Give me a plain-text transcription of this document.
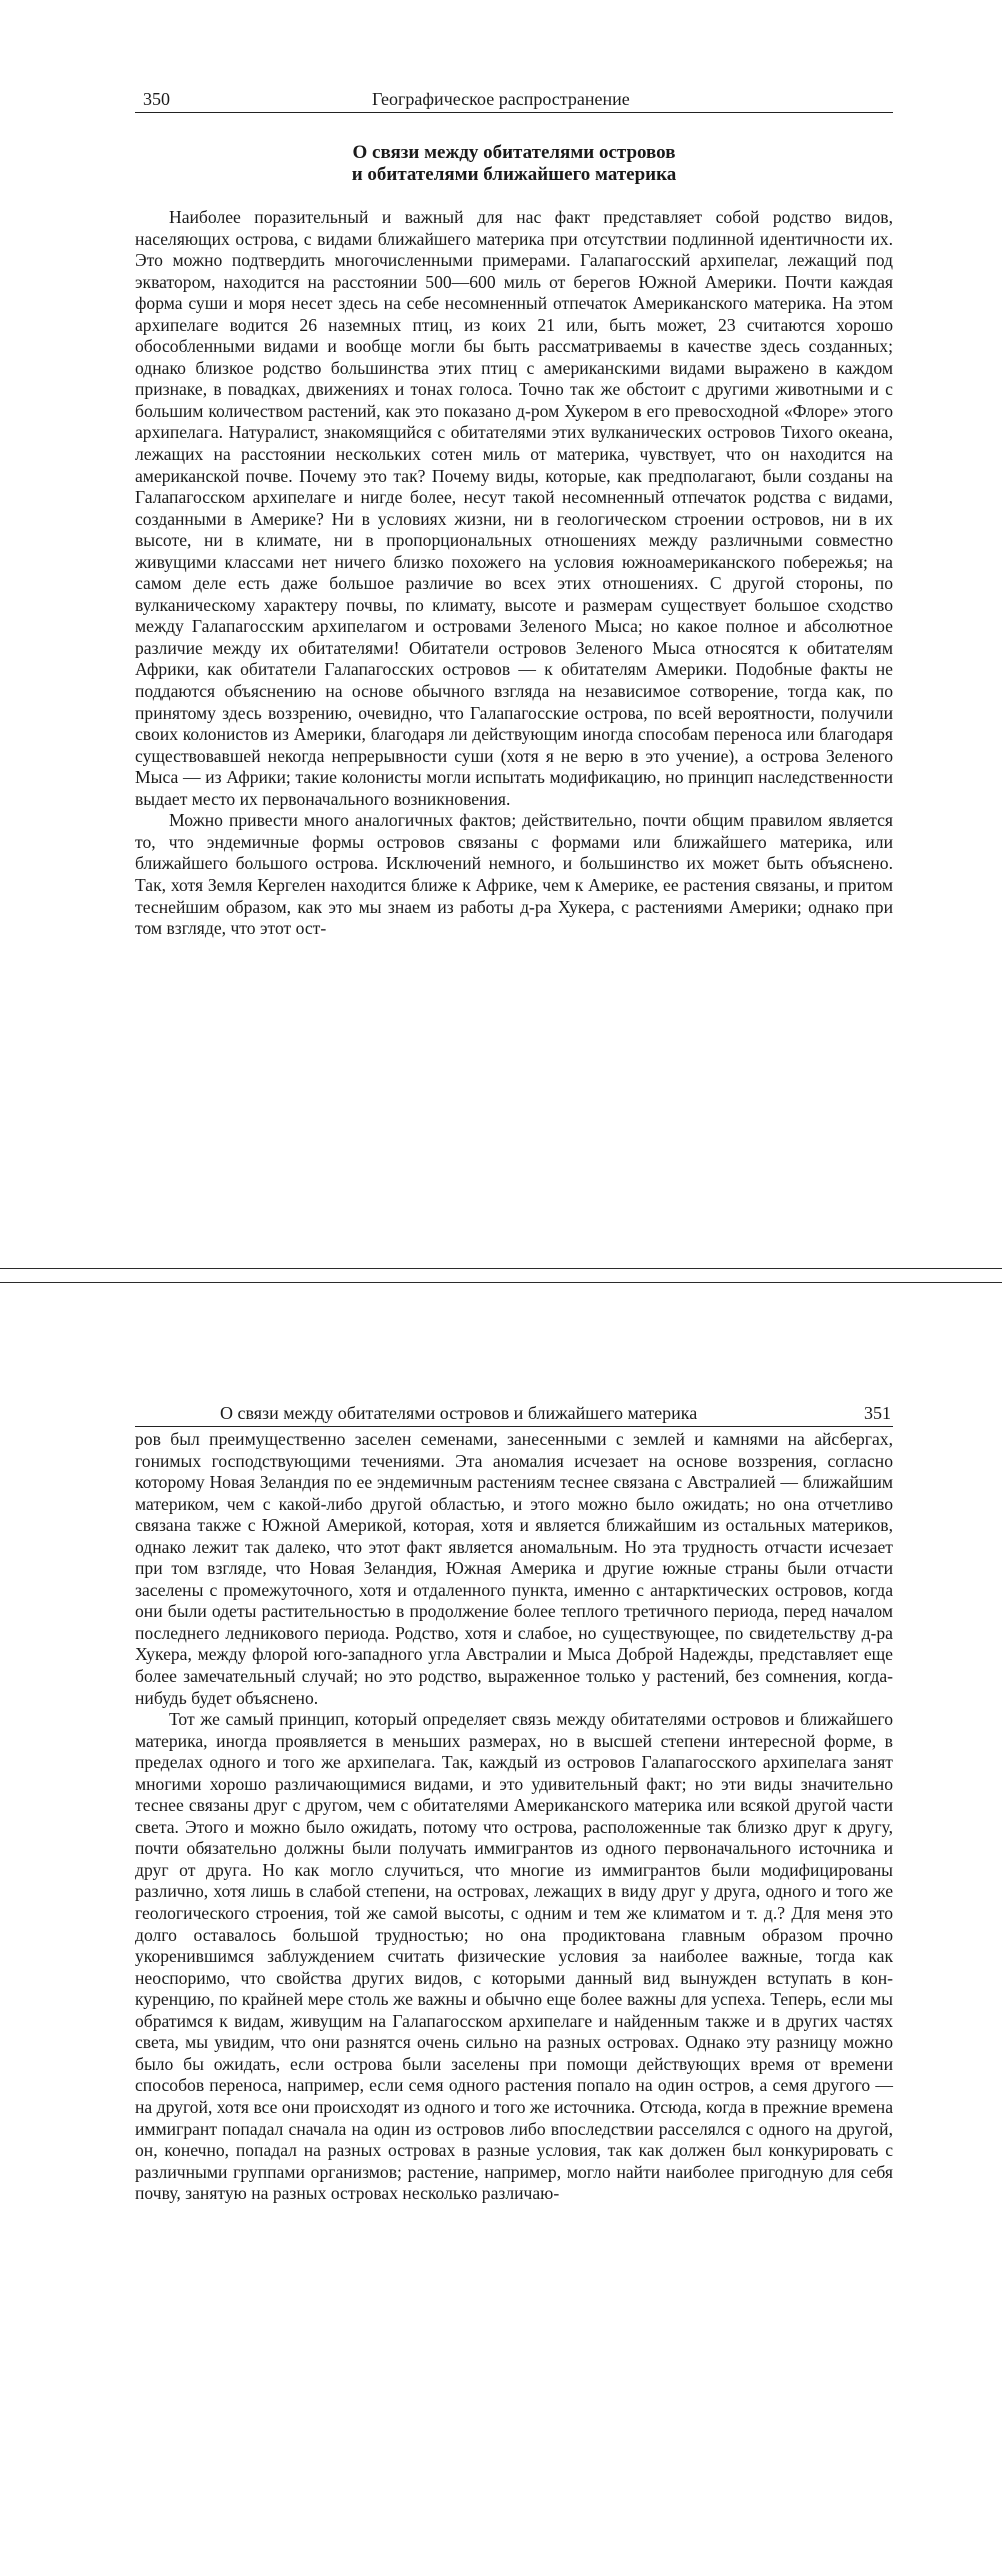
350	Географическое распространение
О связи между обитателями островов
и обитателями ближайшего материка

Наиболее поразительный и важный для нас факт представляет собой родство видов, населяющих острова, с видами ближайшего материка при отсутствии подлинной идентичности их. Это можно подтвердить многочисленными примерами. Галапагосский архипелаг, лежащий под экватором, находится на расстоянии 500—600 миль от берегов Южной Америки. Почти каждая форма суши и моря несет здесь на себе несомненный отпечаток Американского материка. На этом архипелаге водится 26 наземных птиц, из коих 21 или, быть может, 23 считаются хорошо обособленными видами и вообще могли бы быть рассматриваемы в качестве здесь созданных; однако близкое родство большинства этих птиц с американскими видами выражено в каждом признаке, в повадках, движениях и тонах голоса. Точно так же обстоит с другими животными и с большим количеством растений, как это показано д-ром Хукером в его превосходной «Флоре» этого архипелага. Натуралист, знакомящийся с обитателями этих вулканических островов Тихого океана, лежащих на расстоянии нескольких сотен миль от материка, чувствует, что он находится на американской почве. Почему это так? Почему виды, которые, как предполагают, были созданы на Галапагосском архипелаге и нигде более, несут такой несомненный отпечаток родства с видами, созданными в Америке? Ни в условиях жизни, ни в геологическом строении островов, ни в их высоте, ни в климате, ни в пропорциональных отношениях между различными совместно живущими классами нет ничего близко похожего на условия южноамериканского побережья; на самом деле есть даже большое различие во всех этих отношениях. С другой стороны, по вулканическому характеру почвы, по климату, высоте и размерам существует большое сходство между Галапагосским архипелагом и островами Зеленого Мыса; но какое полное и абсолютное различие между их обитателями! Обитатели островов Зеленого Мыса относятся к обитателям Африки, как обитатели Галапагосских островов — к обитателям Америки. Подобные факты не поддаются объяснению на основе обычного взгляда на независимое сотворение, тогда как, по принятому здесь воззрению, очевидно, что Галапагосские острова, по всей вероятности, получили своих колонистов из Америки, благодаря ли действующим иногда способам переноса или благодаря существовавшей некогда непрерывности суши (хотя я не верю в это учение), а острова Зеленого Мыса — из Африки; такие колонисты могли испытать модификацию, но принцип наследственности выдает место их первоначального возникновения.

Можно привести много аналогичных фактов; действительно, почти общим правилом является то, что эндемичные формы островов связаны с формами или ближайшего материка, или ближайшего большого острова. Исключений немного, и большинство их может быть объяснено. Так, хотя Земля Кергелен находится ближе к Африке, чем к Америке, ее растения связаны, и притом теснейшим образом, как это мы знаем из работы д-ра Хукера, с растениями Америки; однако при том взгляде, что этот ост-

О связи между обитателями островов и ближайшего материка	351

ров был преимущественно заселен семенами, занесенными с землей и камнями на айсбергах, гонимых господствующими течениями. Эта аномалия исчезает на основе воззрения, согласно которому Новая Зеландия по ее эндемичным растениям теснее связана с Австралией — ближайшим материком, чем с какой-либо другой областью, и этого можно было ожидать; но она отчетливо связана также с Южной Америкой, которая, хотя и является ближайшим из остальных материков, однако лежит так далеко, что этот факт является аномальным. Но эта трудность отчасти исчезает при том взгляде, что Новая Зеландия, Южная Америка и другие южные страны были отчасти заселены с промежуточного, хотя и отдаленного пункта, именно с антарктических островов, когда они были одеты растительностью в продолжение более теплого третичного периода, перед началом последнего ледникового периода. Родство, хотя и слабое, но существующее, по свидетельству д-ра Хукера, между флорой юго-западного угла Австралии и Мыса Доброй Надежды, представляет еще более замечательный случай; но это родство, выраженное только у растений, без сомнения, когда-нибудь будет объяснено.

Тот же самый принцип, который определяет связь между обитателями островов и ближайшего материка, иногда проявляется в меньших размерах, но в высшей степени интересной форме, в пределах одного и того же архипелага. Так, каждый из островов Галапагосского архипелага занят многими хорошо различающимися видами, и это удивительный факт; но эти виды значительно теснее связаны друг с другом, чем с обитателями Американского материка или всякой другой части света. Этого и можно было ожидать, потому что острова, расположенные так близко друг к другу, почти обязательно должны были получать иммигрантов из одного первоначального источника и друг от друга. Но как могло случиться, что многие из иммигрантов были модифицированы различно, хотя лишь в слабой степени, на островах, лежащих в виду друг у друга, одного и того же геологического строения, той же самой высоты, с одним и тем же климатом и т. д.? Для меня это долго оставалось большой трудностью; но она продиктована главным образом прочно укоренившимся заблуждением считать физические условия за наиболее важные, тогда как неоспоримо, что свойства других видов, с которыми данный вид вынужден вступать в конкуренцию, по крайней мере столь же важны и обычно еще более важны для успеха. Теперь, если мы обратимся к видам, живущим на Галапагосском архипелаге и найденным также и в других частях света, мы увидим, что они разнятся очень сильно на разных островах. Однако эту разницу можно было бы ожидать, если острова были заселены при помощи действующих время от времени способов переноса, например, если семя одного растения попало на один остров, а семя другого — на другой, хотя все они происходят из одного и того же источника. Отсюда, когда в прежние времена иммигрант попадал сначала на один из островов либо впоследствии расселялся с одного на другой, он, конечно, попадал на разных островах в разные условия, так как должен был конкурировать с различными группами организмов; растение, например, могло найти наиболее пригодную для себя почву, занятую на разных островах несколько различаю-
